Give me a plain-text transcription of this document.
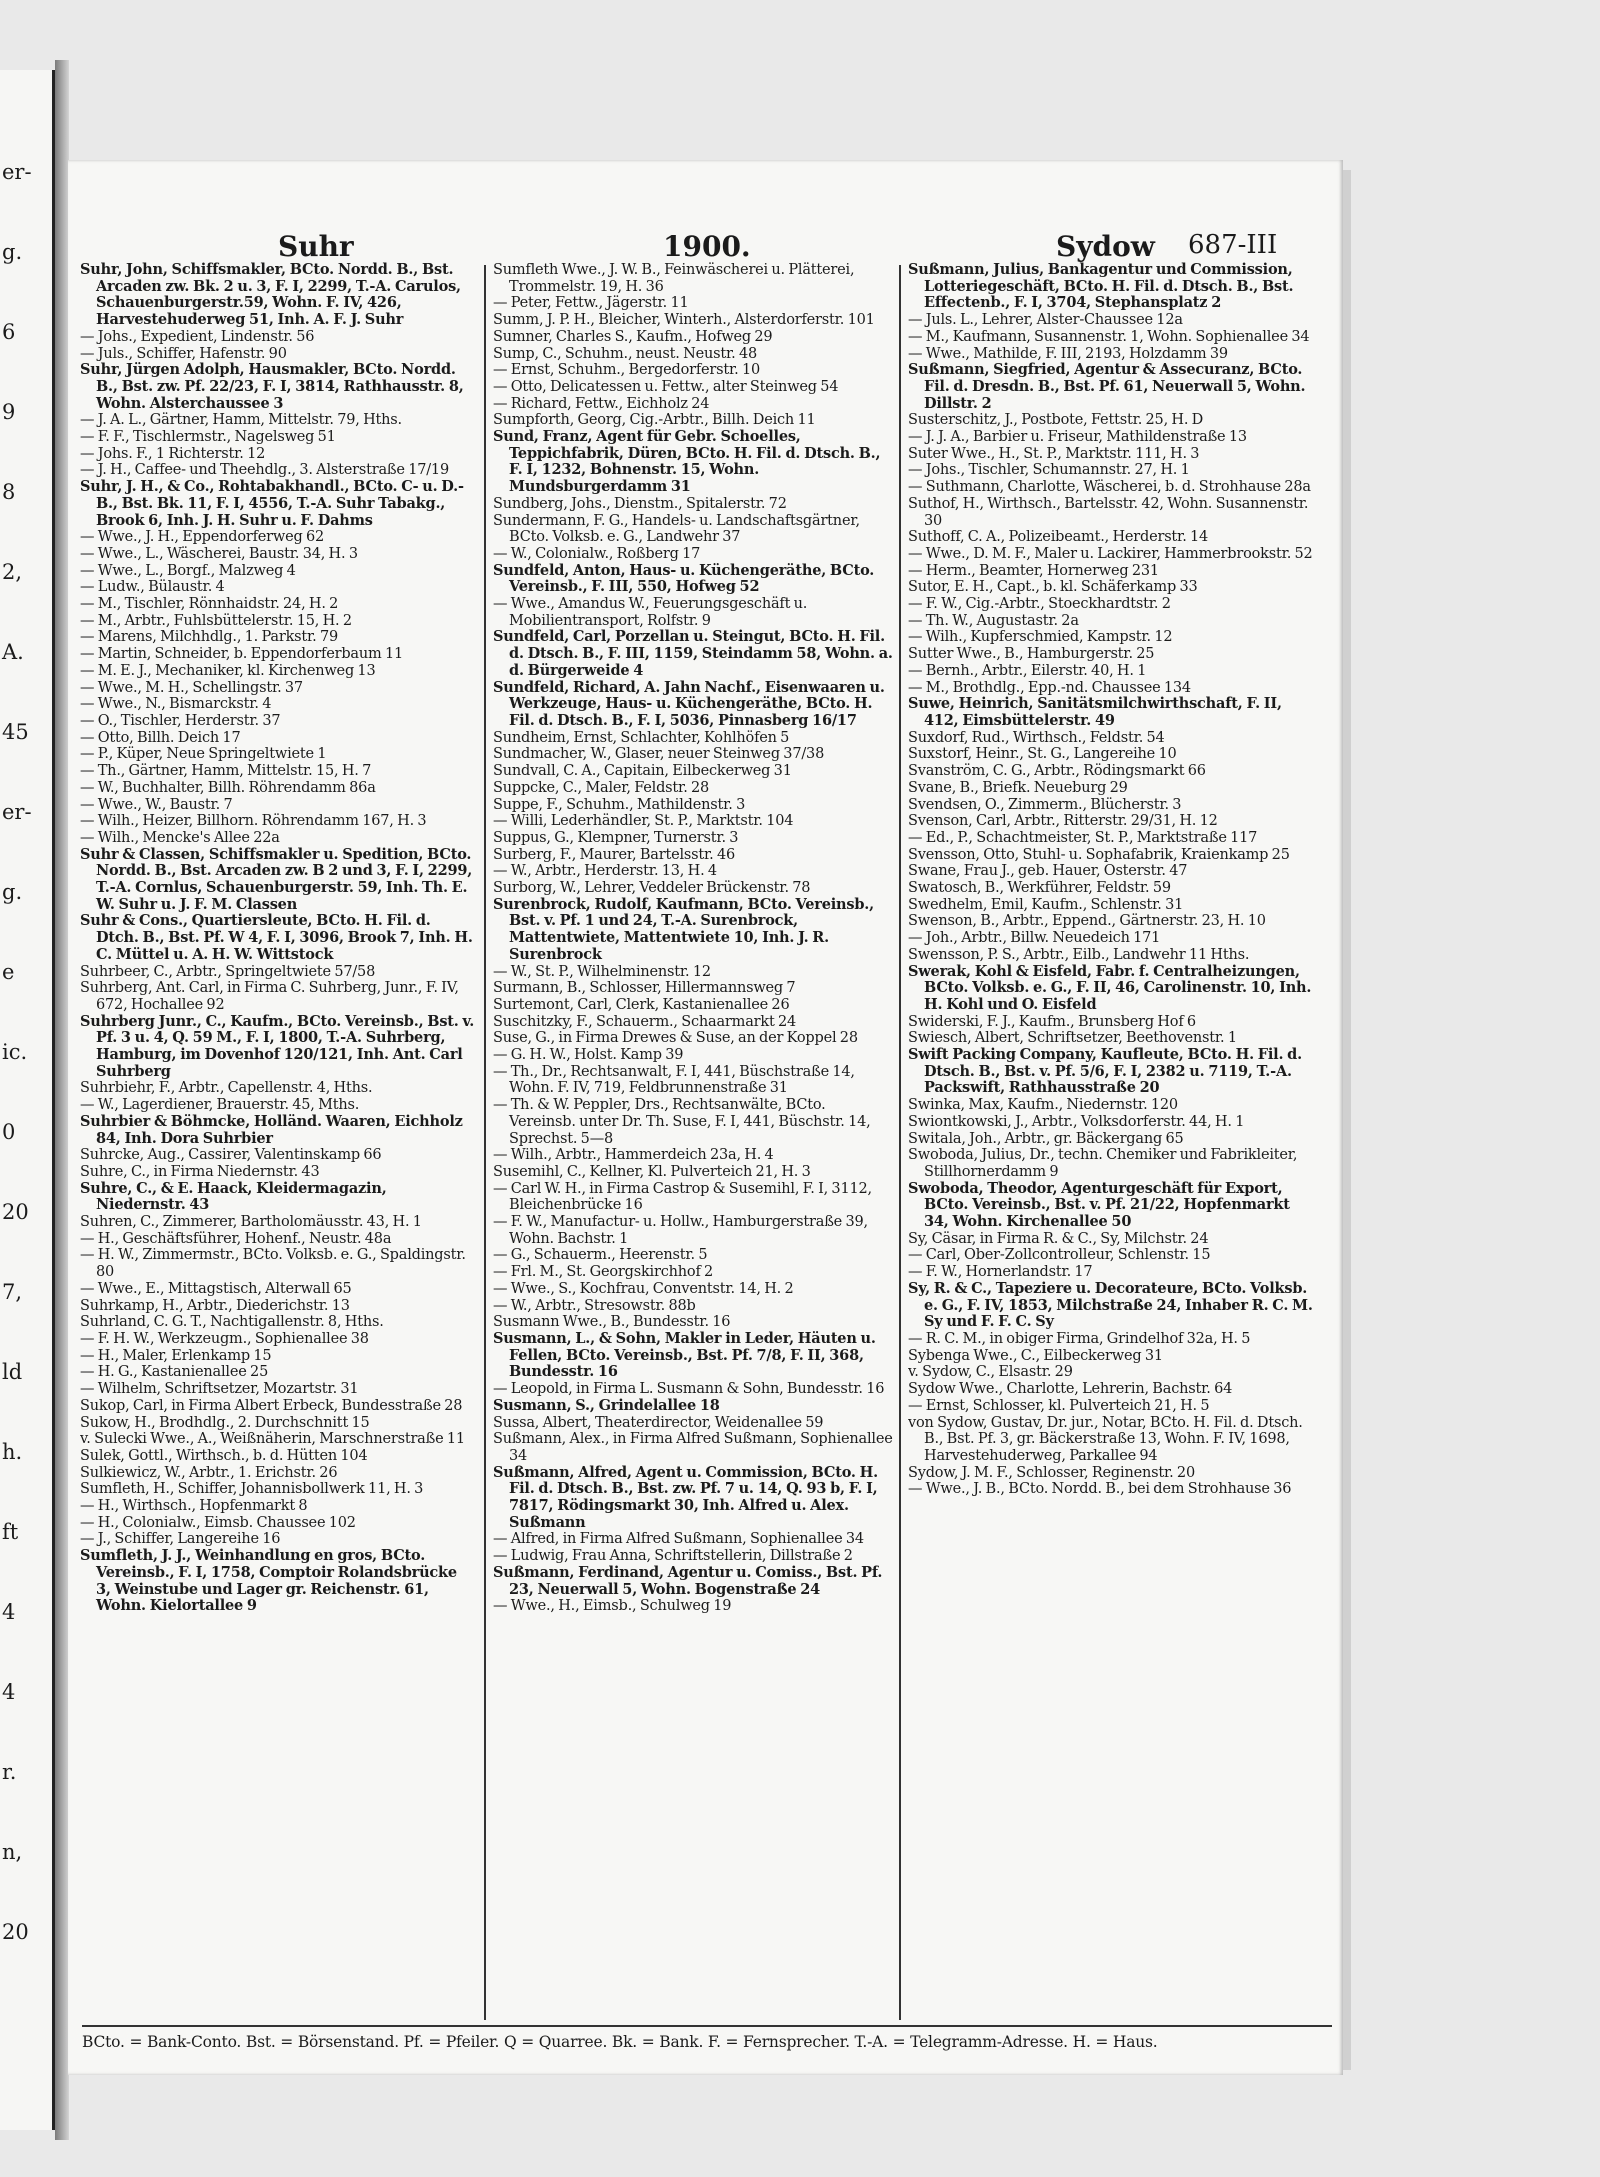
er-
g.
6
9
8
2,
A.
45
er-
g.
e
ic.
0
20
7,
ld
h.
ft
4
4
r.
n,
20
Suhr	1900.	Sydow 687-III
Suhr, John, Schiffsmakler, BCto. Nordd. B., Bst. Arcaden zw. Bk. 2 u. 3, F. I, 2299, T.-A. Carulos, Schauenburgerstr.59, Wohn. F. IV, 426, Harvestehuderweg 51, Inh. A. F. J. Suhr
— Johs., Expedient, Lindenstr. 56
— Juls., Schiffer, Hafenstr. 90
Suhr, Jürgen Adolph, Hausmakler, BCto. Nordd. B., Bst. zw. Pf. 22/23, F. I, 3814, Rathhausstr. 8, Wohn. Alsterchaussee 3
— J. A. L., Gärtner, Hamm, Mittelstr. 79, Hths.
— F. F., Tischlermstr., Nagelsweg 51
— Johs. F., 1 Richterstr. 12
— J. H., Caffee- und Theehdlg., 3. Alsterstraße 17/19
Suhr, J. H., & Co., Rohtabakhandl., BCto. C- u. D.-B., Bst. Bk. 11, F. I, 4556, T.-A. Suhr Tabakg., Brook 6, Inh. J. H. Suhr u. F. Dahms
— Wwe., J. H., Eppendorferweg 62
— Wwe., L., Wäscherei, Baustr. 34, H. 3
— Wwe., L., Borgf., Malzweg 4
— Ludw., Bülaustr. 4
— M., Tischler, Rönnhaidstr. 24, H. 2
— M., Arbtr., Fuhlsbüttelerstr. 15, H. 2
— Marens, Milchhdlg., 1. Parkstr. 79
— Martin, Schneider, b. Eppendorferbaum 11
— M. E. J., Mechaniker, kl. Kirchenweg 13
— Wwe., M. H., Schellingstr. 37
— Wwe., N., Bismarckstr. 4
— O., Tischler, Herderstr. 37
— Otto, Billh. Deich 17
— P., Küper, Neue Springeltwiete 1
— Th., Gärtner, Hamm, Mittelstr. 15, H. 7
— W., Buchhalter, Billh. Röhrendamm 86a
— Wwe., W., Baustr. 7
— Wilh., Heizer, Billhorn. Röhrendamm 167, H. 3
— Wilh., Mencke's Allee 22a
Suhr & Classen, Schiffsmakler u. Spedition, BCto. Nordd. B., Bst. Arcaden zw. B 2 und 3, F. I, 2299, T.-A. Cornlus, Schauenburgerstr. 59, Inh. Th. E. W. Suhr u. J. F. M. Classen
Suhr & Cons., Quartiersleute, BCto. H. Fil. d. Dtch. B., Bst. Pf. W 4, F. I, 3096, Brook 7, Inh. H. C. Müttel u. A. H. W. Wittstock
Suhrbeer, C., Arbtr., Springeltwiete 57/58
Suhrberg, Ant. Carl, in Firma C. Suhrberg, Junr., F. IV, 672, Hochallee 92
Suhrberg Junr., C., Kaufm., BCto. Vereinsb., Bst. v. Pf. 3 u. 4, Q. 59 M., F. I, 1800, T.-A. Suhrberg, Hamburg, im Dovenhof 120/121, Inh. Ant. Carl Suhrberg
Suhrbiehr, F., Arbtr., Capellenstr. 4, Hths.
— W., Lagerdiener, Brauerstr. 45, Mths.
Suhrbier & Böhmcke, Holländ. Waaren, Eichholz 84, Inh. Dora Suhrbier
Suhrcke, Aug., Cassirer, Valentinskamp 66
Suhre, C., in Firma Niedernstr. 43
Suhre, C., & E. Haack, Kleidermagazin, Niedernstr. 43
Suhren, C., Zimmerer, Bartholomäusstr. 43, H. 1
— H., Geschäftsführer, Hohenf., Neustr. 48a
— H. W., Zimmermstr., BCto. Volksb. e. G., Spaldingstr. 80
— Wwe., E., Mittagstisch, Alterwall 65
Suhrkamp, H., Arbtr., Diederichstr. 13
Suhrland, C. G. T., Nachtigallenstr. 8, Hths.
— F. H. W., Werkzeugm., Sophienallee 38
— H., Maler, Erlenkamp 15
— H. G., Kastanienallee 25
— Wilhelm, Schriftsetzer, Mozartstr. 31
Sukop, Carl, in Firma Albert Erbeck, Bundesstraße 28
Sukow, H., Brodhdlg., 2. Durchschnitt 15
v. Sulecki Wwe., A., Weißnäherin, Marschnerstraße 11
Sulek, Gottl., Wirthsch., b. d. Hütten 104
Sulkiewicz, W., Arbtr., 1. Erichstr. 26
Sumfleth, H., Schiffer, Johannisbollwerk 11, H. 3
— H., Wirthsch., Hopfenmarkt 8
— H., Colonialw., Eimsb. Chaussee 102
— J., Schiffer, Langereihe 16
Sumfleth, J. J., Weinhandlung en gros, BCto. Vereinsb., F. I, 1758, Comptoir Rolandsbrücke 3, Weinstube und Lager gr. Reichenstr. 61, Wohn. Kielortallee 9
Sumfleth Wwe., J. W. B., Feinwäscherei u. Plätterei, Trommelstr. 19, H. 36
— Peter, Fettw., Jägerstr. 11
Summ, J. P. H., Bleicher, Winterh., Alsterdorferstr. 101
Sumner, Charles S., Kaufm., Hofweg 29
Sump, C., Schuhm., neust. Neustr. 48
— Ernst, Schuhm., Bergedorferstr. 10
— Otto, Delicatessen u. Fettw., alter Steinweg 54
— Richard, Fettw., Eichholz 24
Sumpforth, Georg, Cig.-Arbtr., Billh. Deich 11
Sund, Franz, Agent für Gebr. Schoelles, Teppichfabrik, Düren, BCto. H. Fil. d. Dtsch. B., F. I, 1232, Bohnenstr. 15, Wohn. Mundsburgerdamm 31
Sundberg, Johs., Dienstm., Spitalerstr. 72
Sundermann, F. G., Handels- u. Landschaftsgärtner, BCto. Volksb. e. G., Landwehr 37
— W., Colonialw., Roßberg 17
Sundfeld, Anton, Haus- u. Küchengeräthe, BCto. Vereinsb., F. III, 550, Hofweg 52
— Wwe., Amandus W., Feuerungsgeschäft u. Mobilientransport, Rolfstr. 9
Sundfeld, Carl, Porzellan u. Steingut, BCto. H. Fil. d. Dtsch. B., F. III, 1159, Steindamm 58, Wohn. a. d. Bürgerweide 4
Sundfeld, Richard, A. Jahn Nachf., Eisenwaaren u. Werkzeuge, Haus- u. Küchengeräthe, BCto. H. Fil. d. Dtsch. B., F. I, 5036, Pinnasberg 16/17
Sundheim, Ernst, Schlachter, Kohlhöfen 5
Sundmacher, W., Glaser, neuer Steinweg 37/38
Sundvall, C. A., Capitain, Eilbeckerweg 31
Suppcke, C., Maler, Feldstr. 28
Suppe, F., Schuhm., Mathildenstr. 3
— Willi, Lederhändler, St. P., Marktstr. 104
Suppus, G., Klempner, Turnerstr. 3
Surberg, F., Maurer, Bartelsstr. 46
— W., Arbtr., Herderstr. 13, H. 4
Surborg, W., Lehrer, Veddeler Brückenstr. 78
Surenbrock, Rudolf, Kaufmann, BCto. Vereinsb., Bst. v. Pf. 1 und 24, T.-A. Surenbrock, Mattentwiete, Mattentwiete 10, Inh. J. R. Surenbrock
— W., St. P., Wilhelminenstr. 12
Surmann, B., Schlosser, Hillermannsweg 7
Surtemont, Carl, Clerk, Kastanienallee 26
Suschitzky, F., Schauerm., Schaarmarkt 24
Suse, G., in Firma Drewes & Suse, an der Koppel 28
— G. H. W., Holst. Kamp 39
— Th., Dr., Rechtsanwalt, F. I, 441, Büschstraße 14, Wohn. F. IV, 719, Feldbrunnenstraße 31
— Th. & W. Peppler, Drs., Rechtsanwälte, BCto. Vereinsb. unter Dr. Th. Suse, F. I, 441, Büschstr. 14, Sprechst. 5—8
— Wilh., Arbtr., Hammerdeich 23a, H. 4
Susemihl, C., Kellner, Kl. Pulverteich 21, H. 3
— Carl W. H., in Firma Castrop & Susemihl, F. I, 3112, Bleichenbrücke 16
— F. W., Manufactur- u. Hollw., Hamburgerstraße 39, Wohn. Bachstr. 1
— G., Schauerm., Heerenstr. 5
— Frl. M., St. Georgskirchhof 2
— Wwe., S., Kochfrau, Conventstr. 14, H. 2
— W., Arbtr., Stresowstr. 88b
Susmann Wwe., B., Bundesstr. 16
Susmann, L., & Sohn, Makler in Leder, Häuten u. Fellen, BCto. Vereinsb., Bst. Pf. 7/8, F. II, 368, Bundesstr. 16
— Leopold, in Firma L. Susmann & Sohn, Bundesstr. 16
Susmann, S., Grindelallee 18
Sussa, Albert, Theaterdirector, Weidenallee 59
Sußmann, Alex., in Firma Alfred Sußmann, Sophienallee 34
Sußmann, Alfred, Agent u. Commission, BCto. H. Fil. d. Dtsch. B., Bst. zw. Pf. 7 u. 14, Q. 93 b, F. I, 7817, Rödingsmarkt 30, Inh. Alfred u. Alex. Sußmann
— Alfred, in Firma Alfred Sußmann, Sophienallee 34
— Ludwig, Frau Anna, Schriftstellerin, Dillstraße 2
Sußmann, Ferdinand, Agentur u. Comiss., Bst. Pf. 23, Neuerwall 5, Wohn. Bogenstraße 24
— Wwe., H., Eimsb., Schulweg 19
Sußmann, Julius, Bankagentur und Commission, Lotteriegeschäft, BCto. H. Fil. d. Dtsch. B., Bst. Effectenb., F. I, 3704, Stephansplatz 2
— Juls. L., Lehrer, Alster-Chaussee 12a
— M., Kaufmann, Susannenstr. 1, Wohn. Sophienallee 34
— Wwe., Mathilde, F. III, 2193, Holzdamm 39
Sußmann, Siegfried, Agentur & Assecuranz, BCto. Fil. d. Dresdn. B., Bst. Pf. 61, Neuerwall 5, Wohn. Dillstr. 2
Susterschitz, J., Postbote, Fettstr. 25, H. D
— J. J. A., Barbier u. Friseur, Mathildenstraße 13
Suter Wwe., H., St. P., Marktstr. 111, H. 3
— Johs., Tischler, Schumannstr. 27, H. 1
— Suthmann, Charlotte, Wäscherei, b. d. Strohhause 28a
Suthof, H., Wirthsch., Bartelsstr. 42, Wohn. Susannenstr. 30
Suthoff, C. A., Polizeibeamt., Herderstr. 14
— Wwe., D. M. F., Maler u. Lackirer, Hammerbrookstr. 52
— Herm., Beamter, Hornerweg 231
Sutor, E. H., Capt., b. kl. Schäferkamp 33
— F. W., Cig.-Arbtr., Stoeckhardtstr. 2
— Th. W., Augustastr. 2a
— Wilh., Kupferschmied, Kampstr. 12
Sutter Wwe., B., Hamburgerstr. 25
— Bernh., Arbtr., Eilerstr. 40, H. 1
— M., Brothdlg., Epp.-nd. Chaussee 134
Suwe, Heinrich, Sanitätsmilchwirthschaft, F. II, 412, Eimsbüttelerstr. 49
Suxdorf, Rud., Wirthsch., Feldstr. 54
Suxstorf, Heinr., St. G., Langereihe 10
Svanström, C. G., Arbtr., Rödingsmarkt 66
Svane, B., Briefk. Neueburg 29
Svendsen, O., Zimmerm., Blücherstr. 3
Svenson, Carl, Arbtr., Ritterstr. 29/31, H. 12
— Ed., P., Schachtmeister, St. P., Marktstraße 117
Svensson, Otto, Stuhl- u. Sophafabrik, Kraienkamp 25
Swane, Frau J., geb. Hauer, Osterstr. 47
Swatosch, B., Werkführer, Feldstr. 59
Swedhelm, Emil, Kaufm., Schlenstr. 31
Swenson, B., Arbtr., Eppend., Gärtnerstr. 23, H. 10
— Joh., Arbtr., Billw. Neuedeich 171
Swensson, P. S., Arbtr., Eilb., Landwehr 11 Hths.
Swerak, Kohl & Eisfeld, Fabr. f. Centralheizungen, BCto. Volksb. e. G., F. II, 46, Carolinenstr. 10, Inh. H. Kohl und O. Eisfeld
Swiderski, F. J., Kaufm., Brunsberg Hof 6
Swiesch, Albert, Schriftsetzer, Beethovenstr. 1
Swift Packing Company, Kaufleute, BCto. H. Fil. d. Dtsch. B., Bst. v. Pf. 5/6, F. I, 2382 u. 7119, T.-A. Packswift, Rathhausstraße 20
Swinka, Max, Kaufm., Niedernstr. 120
Swiontkowski, J., Arbtr., Volksdorferstr. 44, H. 1
Switala, Joh., Arbtr., gr. Bäckergang 65
Swoboda, Julius, Dr., techn. Chemiker und Fabrikleiter, Stillhornerdamm 9
Swoboda, Theodor, Agenturgeschäft für Export, BCto. Vereinsb., Bst. v. Pf. 21/22, Hopfenmarkt 34, Wohn. Kirchenallee 50
Sy, Cäsar, in Firma R. & C., Sy, Milchstr. 24
— Carl, Ober-Zollcontrolleur, Schlenstr. 15
— F. W., Hornerlandstr. 17
Sy, R. & C., Tapeziere u. Decorateure, BCto. Volksb. e. G., F. IV, 1853, Milchstraße 24, Inhaber R. C. M. Sy und F. F. C. Sy
— R. C. M., in obiger Firma, Grindelhof 32a, H. 5
Sybenga Wwe., C., Eilbeckerweg 31
v. Sydow, C., Elsastr. 29
Sydow Wwe., Charlotte, Lehrerin, Bachstr. 64
— Ernst, Schlosser, kl. Pulverteich 21, H. 5
von Sydow, Gustav, Dr. jur., Notar, BCto. H. Fil. d. Dtsch. B., Bst. Pf. 3, gr. Bäckerstraße 13, Wohn. F. IV, 1698, Harvestehuderweg, Parkallee 94
Sydow, J. M. F., Schlosser, Reginenstr. 20
— Wwe., J. B., BCto. Nordd. B., bei dem Strohhause 36
BCto. = Bank-Conto. Bst. = Börsenstand. Pf. = Pfeiler. Q = Quarree. Bk. = Bank. F. = Fernsprecher. T.-A. = Telegramm-Adresse. H. = Haus.
